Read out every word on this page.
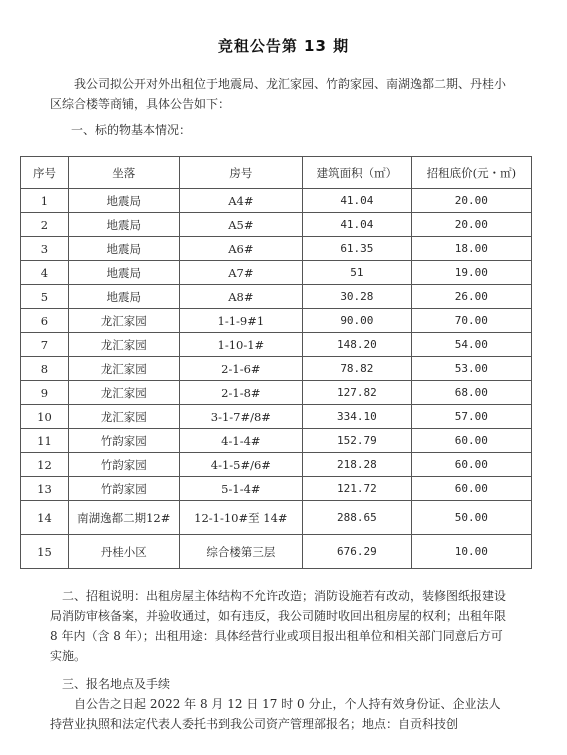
竞租公告第 13 期
我公司拟公开对外出租位于地震局、龙汇家园、竹韵家园、南湖逸都二期、丹桂小区综合楼等商铺，具体公告如下：
一、标的物基本情况：
序号	坐落	房号	建筑面积（㎡）	招租底价(元・㎡)
1	地震局	A4#	41.04	20.00
2	地震局	A5#	41.04	20.00
3	地震局	A6#	61.35	18.00
4	地震局	A7#	51	19.00
5	地震局	A8#	30.28	26.00
6	龙汇家园	1-1-9#1	90.00	70.00
7	龙汇家园	1-10-1#	148.20	54.00
8	龙汇家园	2-1-6#	78.82	53.00
9	龙汇家园	2-1-8#	127.82	68.00
10	龙汇家园	3-1-7#/8#	334.10	57.00
11	竹韵家园	4-1-4#	152.79	60.00
12	竹韵家园	4-1-5#/6#	218.28	60.00
13	竹韵家园	5-1-4#	121.72	60.00
14	南湖逸都二期12#	12-1-10#至 14#	288.65	50.00
15	丹桂小区	综合楼第三层	676.29	10.00
二、招租说明：出租房屋主体结构不允许改造；消防设施若有改动，装修图纸报建设局消防审核备案，并验收通过，如有违反，我公司随时收回出租房屋的权利；出租年限 8 年内（含 8 年）；出租用途：具体经营行业或项目报出租单位和相关部门同意后方可实施。
三、报名地点及手续
自公告之日起 2022 年 8 月 12 日 17 时 0 分止，个人持有效身份证、企业法人持营业执照和法定代表人委托书到我公司资产管理部报名；地点：自贡科技创
